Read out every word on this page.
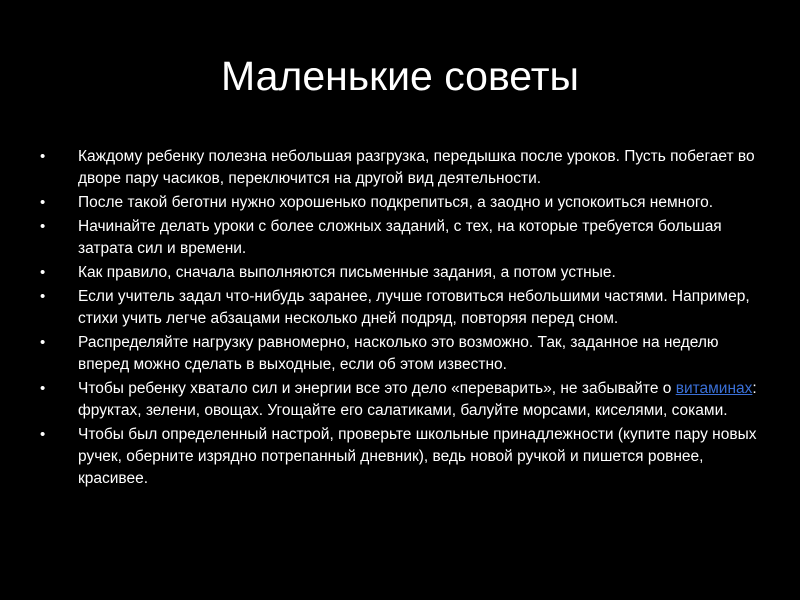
Маленькие советы
•	Каждому ребенку полезна небольшая разгрузка, передышка после уроков. Пусть побегает во дворе пару часиков, переключится на другой вид деятельности.
•	После такой беготни нужно хорошенько подкрепиться, а заодно и успокоиться немного.
•	Начинайте делать уроки с более сложных заданий, с тех, на которые требуется большая затрата сил и времени.
•	Как правило, сначала выполняются письменные задания, а потом устные.
•	Если учитель задал что-нибудь заранее, лучше готовиться небольшими частями. Например, стихи учить легче абзацами несколько дней подряд, повторяя перед сном.
•	Распределяйте нагрузку равномерно, насколько это возможно. Так, заданное на неделю вперед можно сделать в выходные, если об этом известно.
•	Чтобы ребенку хватало сил и энергии все это дело «переварить», не забывайте о витаминах: фруктах, зелени, овощах. Угощайте его салатиками, балуйте морсами, киселями, соками.
•	Чтобы был определенный настрой, проверьте школьные принадлежности (купите пару новых ручек, оберните изрядно потрепанный дневник), ведь новой ручкой и пишется ровнее, красивее.
